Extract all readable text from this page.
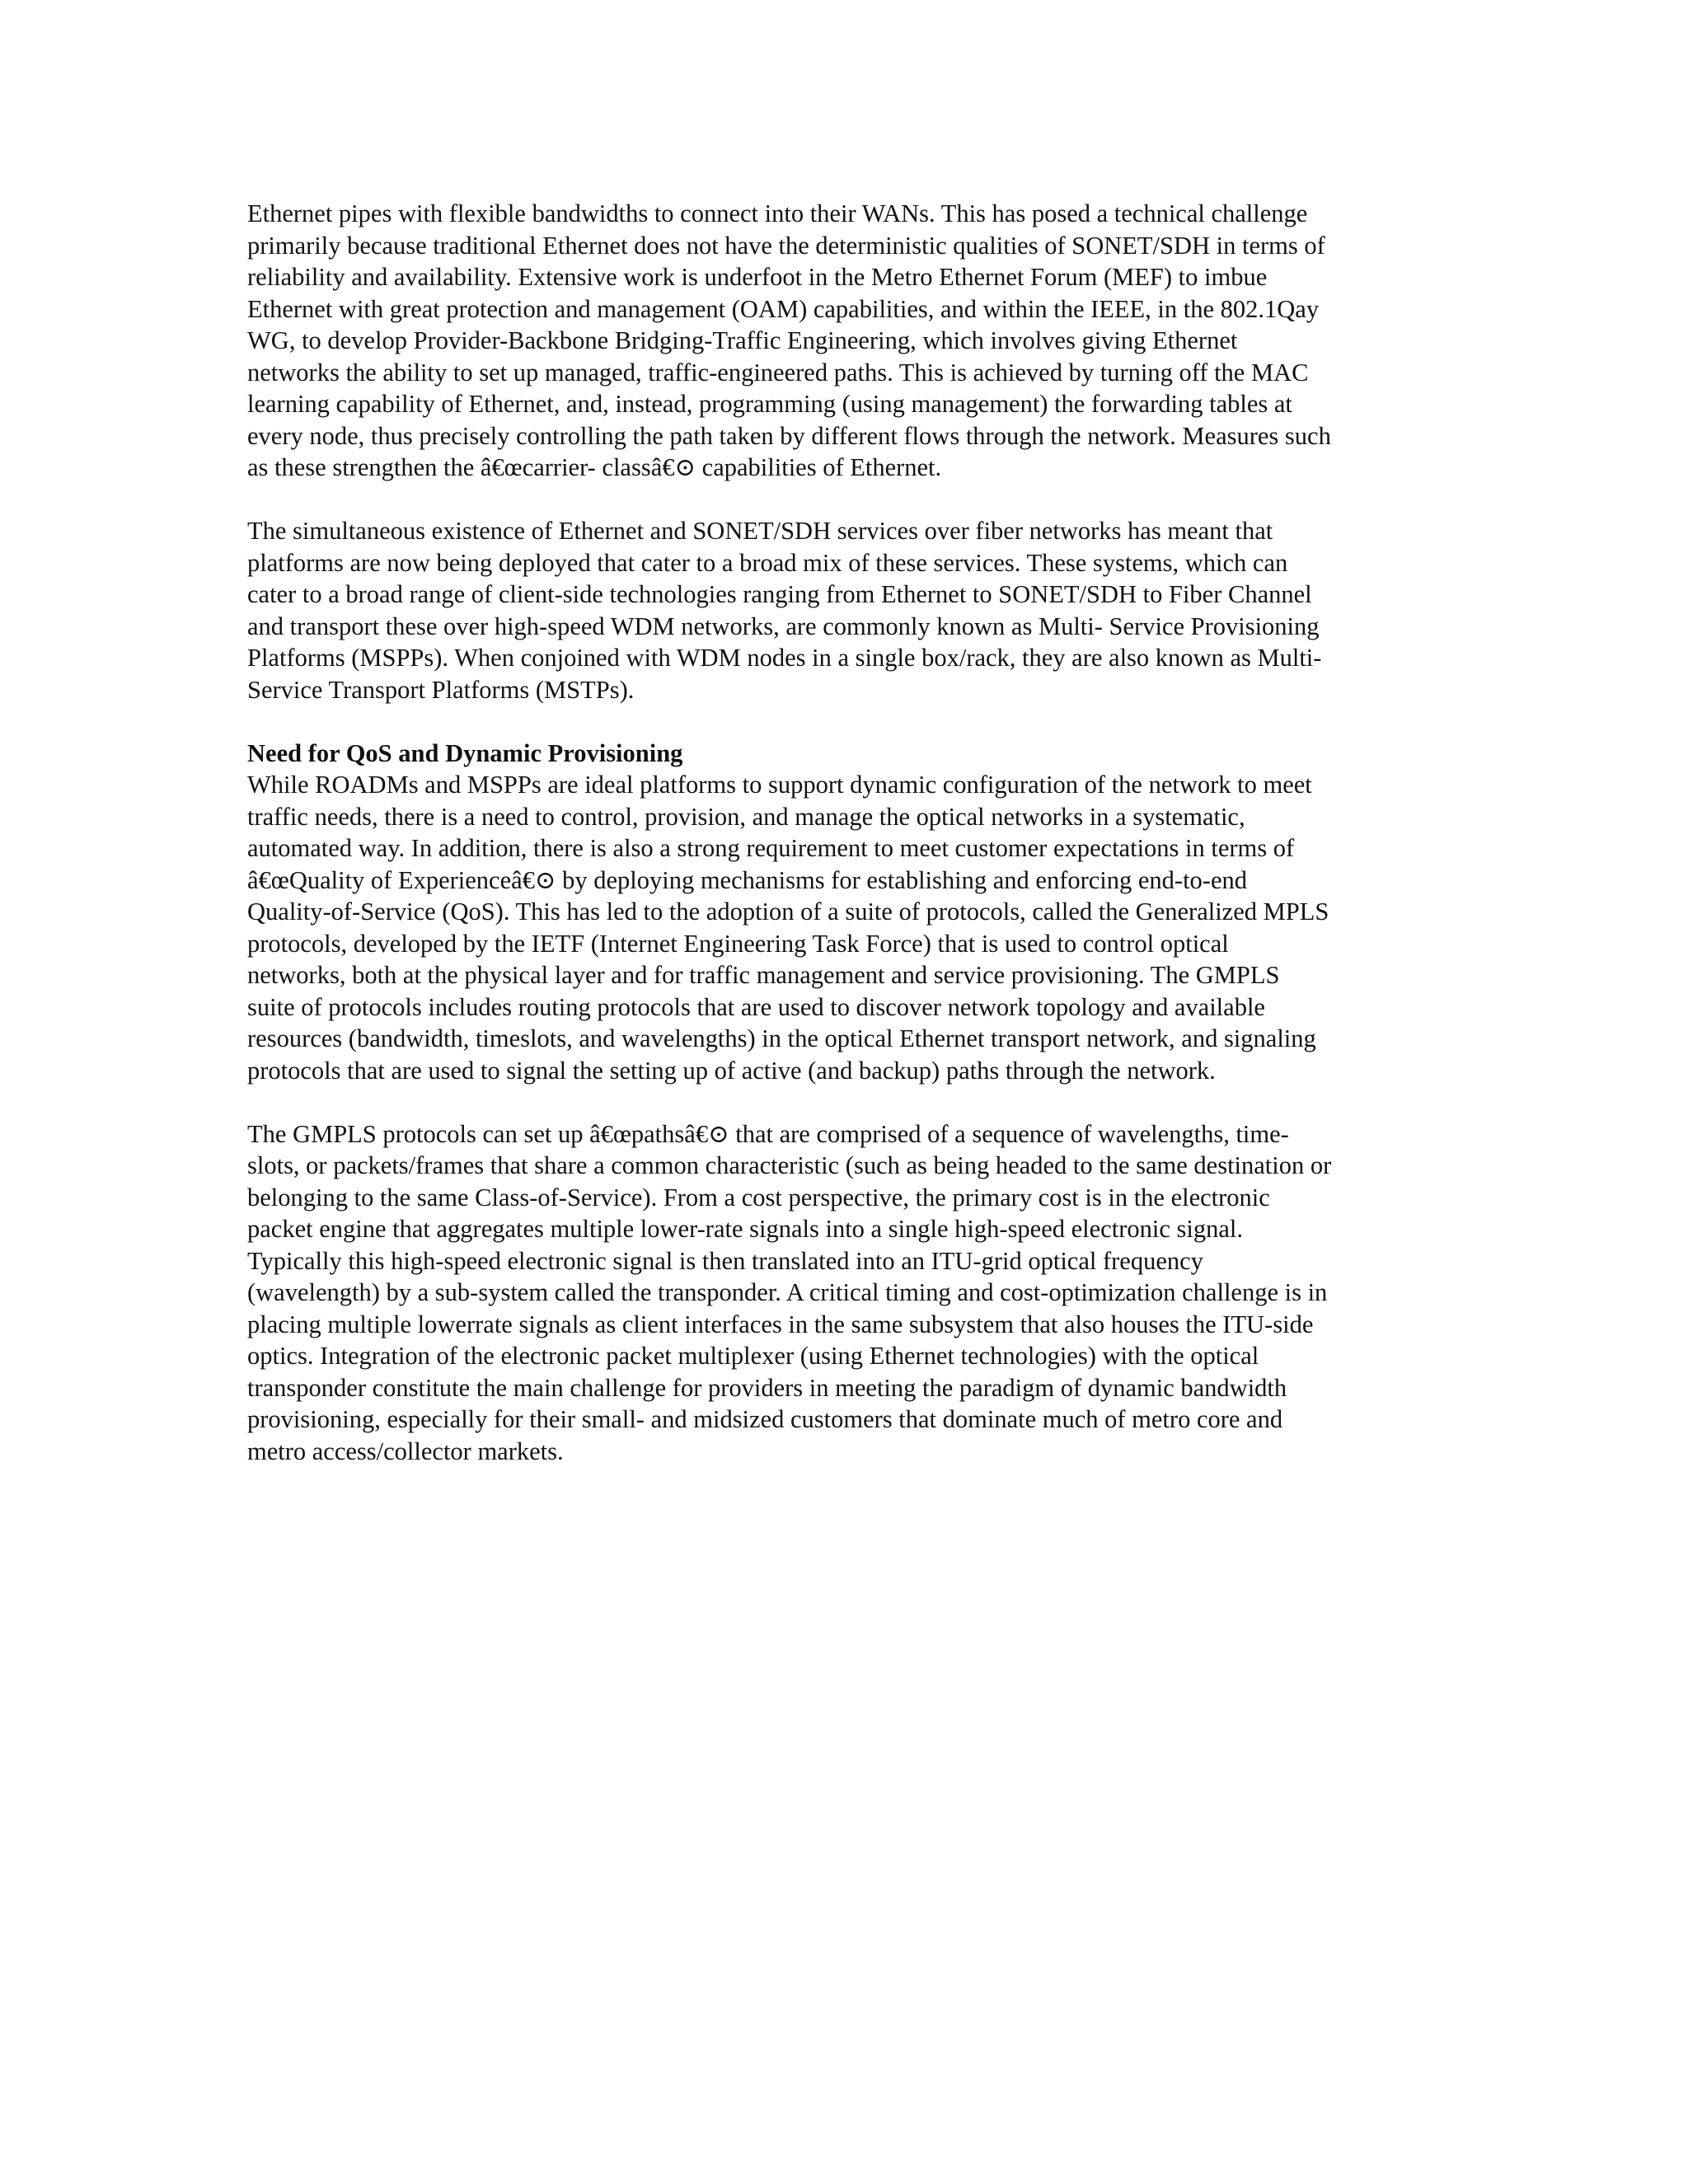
Ethernet pipes with flexible bandwidths to connect into their WANs. This has posed a technical challenge
primarily because traditional Ethernet does not have the deterministic qualities of SONET/SDH in terms of
reliability and availability. Extensive work is underfoot in the Metro Ethernet Forum (MEF) to imbue
Ethernet with great protection and management (OAM) capabilities, and within the IEEE, in the 802.1Qay
WG, to develop Provider-Backbone Bridging-Traffic Engineering, which involves giving Ethernet
networks the ability to set up managed, traffic-engineered paths. This is achieved by turning off the MAC
learning capability of Ethernet, and, instead, programming (using management) the forwarding tables at
every node, thus precisely controlling the path taken by different flows through the network. Measures such
as these strengthen the â€œcarrier- classâ€⊙ capabilities of Ethernet.
The simultaneous existence of Ethernet and SONET/SDH services over fiber networks has meant that
platforms are now being deployed that cater to a broad mix of these services. These systems, which can
cater to a broad range of client-side technologies ranging from Ethernet to SONET/SDH to Fiber Channel
and transport these over high-speed WDM networks, are commonly known as Multi- Service Provisioning
Platforms (MSPPs). When conjoined with WDM nodes in a single box/rack, they are also known as Multi-
Service Transport Platforms (MSTPs).
Need for QoS and Dynamic Provisioning
While ROADMs and MSPPs are ideal platforms to support dynamic configuration of the network to meet
traffic needs, there is a need to control, provision, and manage the optical networks in a systematic,
automated way. In addition, there is also a strong requirement to meet customer expectations in terms of
â€œQuality of Experienceâ€⊙ by deploying mechanisms for establishing and enforcing end-to-end
Quality-of-Service (QoS). This has led to the adoption of a suite of protocols, called the Generalized MPLS
protocols, developed by the IETF (Internet Engineering Task Force) that is used to control optical
networks, both at the physical layer and for traffic management and service provisioning. The GMPLS
suite of protocols includes routing protocols that are used to discover network topology and available
resources (bandwidth, timeslots, and wavelengths) in the optical Ethernet transport network, and signaling
protocols that are used to signal the setting up of active (and backup) paths through the network.
The GMPLS protocols can set up â€œpathsâ€⊙ that are comprised of a sequence of wavelengths, time-
slots, or packets/frames that share a common characteristic (such as being headed to the same destination or
belonging to the same Class-of-Service). From a cost perspective, the primary cost is in the electronic
packet engine that aggregates multiple lower-rate signals into a single high-speed electronic signal.
Typically this high-speed electronic signal is then translated into an ITU-grid optical frequency
(wavelength) by a sub-system called the transponder. A critical timing and cost-optimization challenge is in
placing multiple lowerrate signals as client interfaces in the same subsystem that also houses the ITU-side
optics. Integration of the electronic packet multiplexer (using Ethernet technologies) with the optical
transponder constitute the main challenge for providers in meeting the paradigm of dynamic bandwidth
provisioning, especially for their small- and midsized customers that dominate much of metro core and
metro access/collector markets.
